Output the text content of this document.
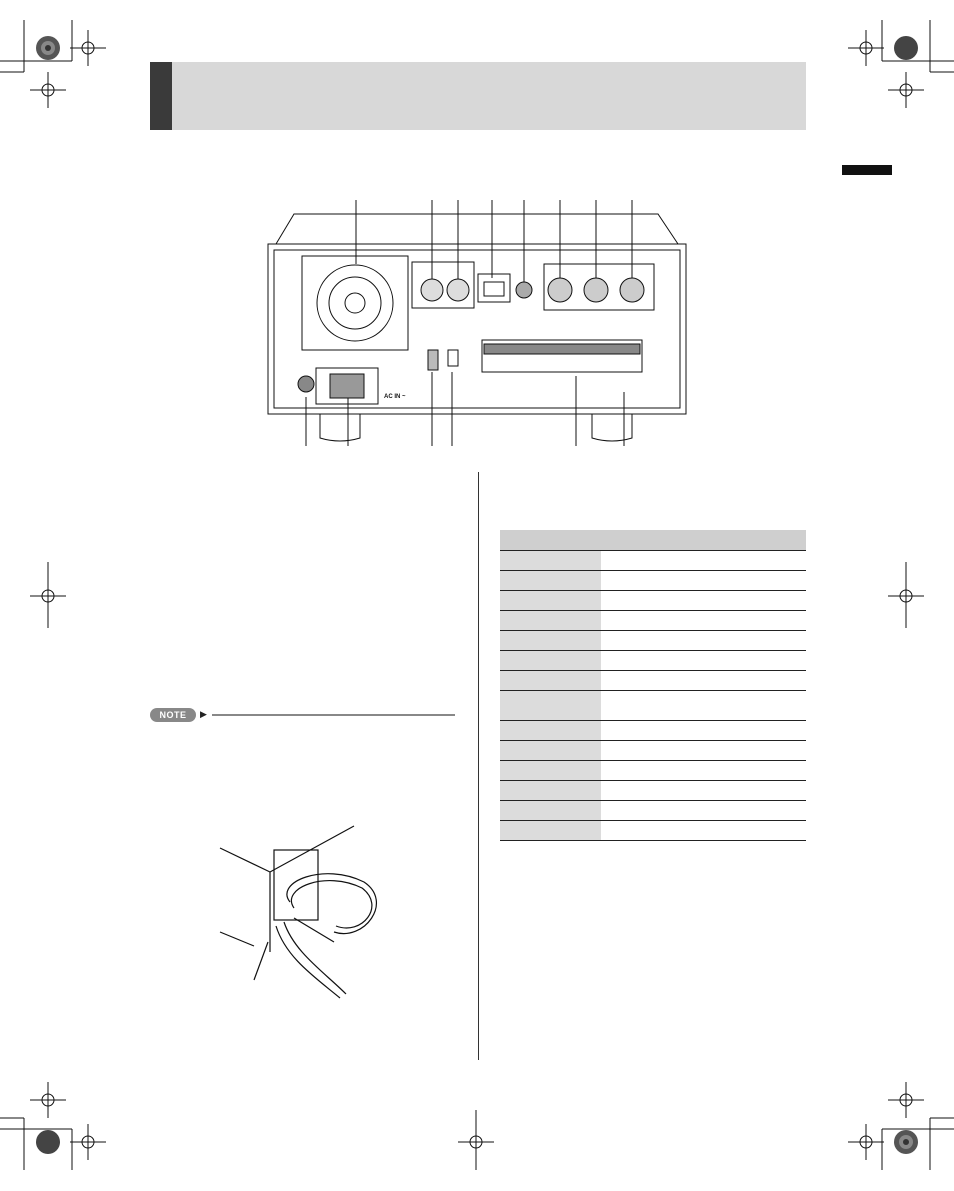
AC IN ~

NOTE	▶
